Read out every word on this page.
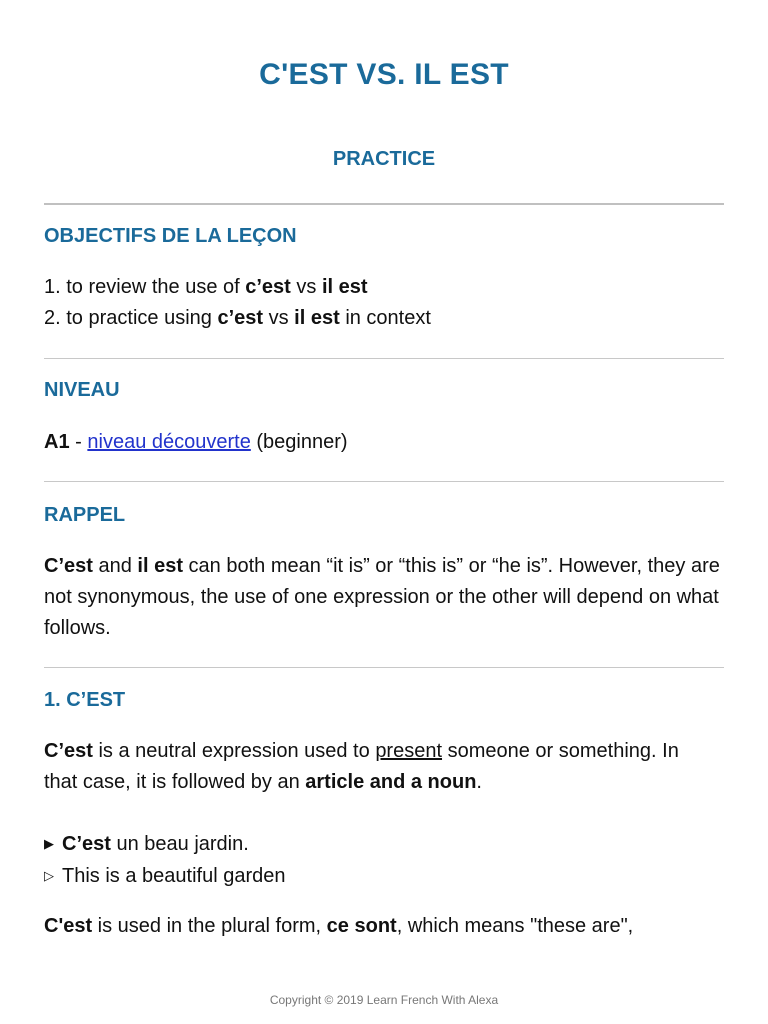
C'EST VS. IL EST
PRACTICE
OBJECTIFS DE LA LEÇON
1. to review the use of c’est vs il est
2. to practice using c’est vs il est in context
NIVEAU
A1 - niveau découverte (beginner)
RAPPEL
C’est and il est can both mean “it is” or “this is” or “he is”. However, they are not synonymous, the use of one expression or the other will depend on what follows.
1. C’EST
C’est is a neutral expression used to present someone or something. In that case, it is followed by an article and a noun.
▶ C’est un beau jardin.
▷ This is a beautiful garden
C'est is used in the plural form, ce sont, which means "these are",
Copyright © 2019 Learn French With Alexa
